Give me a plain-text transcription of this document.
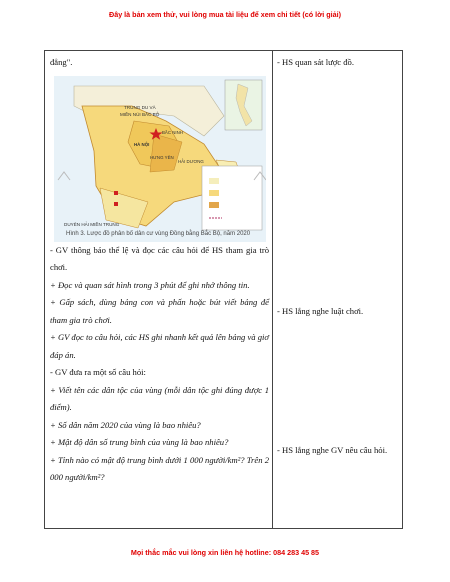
Đây là bản xem thử, vui lòng mua tài liệu để xem chi tiết (có lời giải)

đẳng".

TRUNG DU VÀ
MIỀN NÚI BẮC BỘ
HÀ NỘI
BẮC NINH
HƯNG YÊN
HẢI DƯƠNG
DUYÊN HẢI MIỀN TRUNG
Hình 3. Lược đồ phân bố dân cư vùng Đồng bằng Bắc Bộ, năm 2020

- GV thông báo thể lệ và đọc các câu hỏi để HS tham gia trò chơi.

+ Đọc và quan sát hình trong 3 phút để ghi nhớ thông tin.

+ Gấp sách, dùng bảng con và phấn hoặc bút viết bảng để tham gia trò chơi.

+ GV đọc to câu hỏi, các HS ghi nhanh kết quả lên bảng và giơ đáp án.

- GV đưa ra một số câu hỏi:

+ Viết tên các dân tộc của vùng (mỗi dân tộc ghi đúng được 1 điểm).

+ Số dân năm 2020 của vùng là bao nhiêu?

+ Mật độ dân số trung bình của vùng là bao nhiêu?

+ Tỉnh nào có mật độ trung bình dưới 1 000 người/km²? Trên 2 000 người/km²?

- HS quan sát lược đồ.
- HS lắng nghe luật chơi.
- HS lắng nghe GV nêu câu hỏi.
Mọi thắc mắc vui lòng xin liên hệ hotline: 084 283 45 85
